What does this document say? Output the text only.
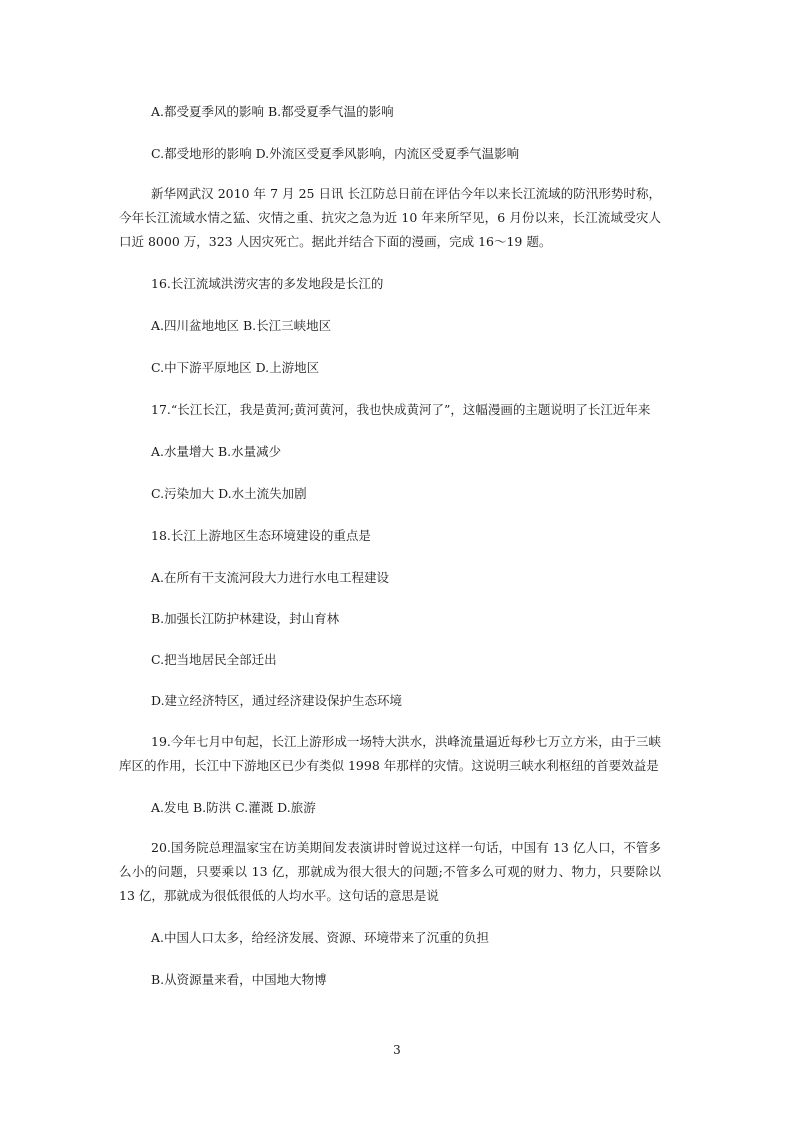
A.都受夏季风的影响 B.都受夏季气温的影响
C.都受地形的影响 D.外流区受夏季风影响，内流区受夏季气温影响
新华网武汉 2010 年 7 月 25 日讯 长江防总日前在评估今年以来长江流域的防汛形势时称，今年长江流域水情之猛、灾情之重、抗灾之急为近 10 年来所罕见，6 月份以来，长江流域受灾人口近 8000 万，323 人因灾死亡。据此并结合下面的漫画，完成 16～19 题。
16.长江流域洪涝灾害的多发地段是长江的
A.四川盆地地区 B.长江三峡地区
C.中下游平原地区 D.上游地区
17.“长江长江，我是黄河;黄河黄河，我也快成黄河了”，这幅漫画的主题说明了长江近年来
A.水量增大 B.水量减少
C.污染加大 D.水土流失加剧
18.长江上游地区生态环境建设的重点是
A.在所有干支流河段大力进行水电工程建设
B.加强长江防护林建设，封山育林
C.把当地居民全部迁出
D.建立经济特区，通过经济建设保护生态环境
19.今年七月中旬起，长江上游形成一场特大洪水，洪峰流量逼近每秒七万立方米，由于三峡库区的作用，长江中下游地区已少有类似 1998 年那样的灾情。这说明三峡水利枢纽的首要效益是
A.发电 B.防洪 C.灌溉 D.旅游
20.国务院总理温家宝在访美期间发表演讲时曾说过这样一句话，中国有 13 亿人口，不管多么小的问题，只要乘以 13 亿，那就成为很大很大的问题;不管多么可观的财力、物力，只要除以 13 亿，那就成为很低很低的人均水平。这句话的意思是说
A.中国人口太多，给经济发展、资源、环境带来了沉重的负担
B.从资源量来看，中国地大物博
3
